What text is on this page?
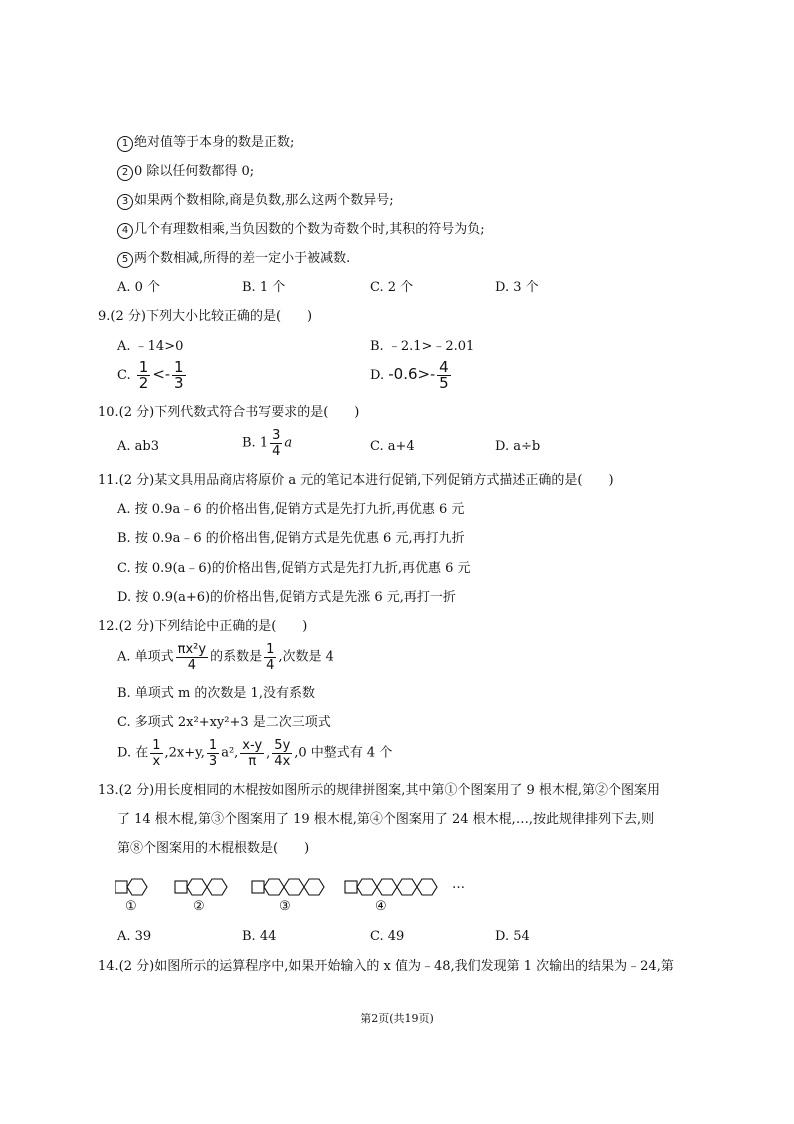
1 绝对值等于本身的数是正数;
2 0 除以任何数都得 0;
3 如果两个数相除,商是负数,那么这两个数异号;
4 几个有理数相乘,当负因数的个数为奇数个时,其积的符号为负;
5 两个数相减,所得的差一定小于被减数.
A. 0 个	B. 1 个	C. 2 个	D. 3 个
9.(2 分)下列大小比较正确的是(　　)
A. ﹣14>0	B. ﹣2.1>﹣2.01
C. $\frac{1}{2} <- \frac{1}{3}$	D. $-0.6>- \frac{4}{5}$
10.(2 分)下列代数式符合书写要求的是(　　)
A. ab3	B. $1 \frac{3}{4}$ a	C. a+4	D. a÷b
11.(2 分)某文具用品商店将原价 a 元的笔记本进行促销,下列促销方式描述正确的是(　　)
A. 按 0.9a﹣6 的价格出售,促销方式是先打九折,再优惠 6 元
B. 按 0.9a﹣6 的价格出售,促销方式是先优惠 6 元,再打九折
C. 按 0.9(a﹣6)的价格出售,促销方式是先打九折,再优惠 6 元
D. 按 0.9(a+6)的价格出售,促销方式是先涨 6 元,再打一折
12.(2 分)下列结论中正确的是(　　)
A. 单项式 $\frac{\text{πx²y}}{4}$ 的系数是 $\frac{1}{4}$ ,次数是 4
B. 单项式 m 的次数是 1,没有系数
C. 多项式 2x²+xy²+3 是二次三项式
D. 在 $\frac{1}{x} ,2x+y$, $\frac{1}{3} a^2$, $\frac{x-y}{\pi}$ , $\frac{5y}{4x} ,0$ 中整式有 4 个
13.(2 分)用长度相同的木棍按如图所示的规律拼图案,其中第①个图案用了 9 根木棍,第②个图案用
了 14 根木棍,第③个图案用了 19 根木棍,第④个图案用了 24 根木棍,…,按此规律排列下去,则
第⑧个图案用的木棍根数是(　　)
①	②	③	④
…
A. 39	B. 44	C. 49	D. 54
14.(2 分)如图所示的运算程序中,如果开始输入的 x 值为﹣48,我们发现第 1 次输出的结果为﹣24,第
第2页(共19页)
